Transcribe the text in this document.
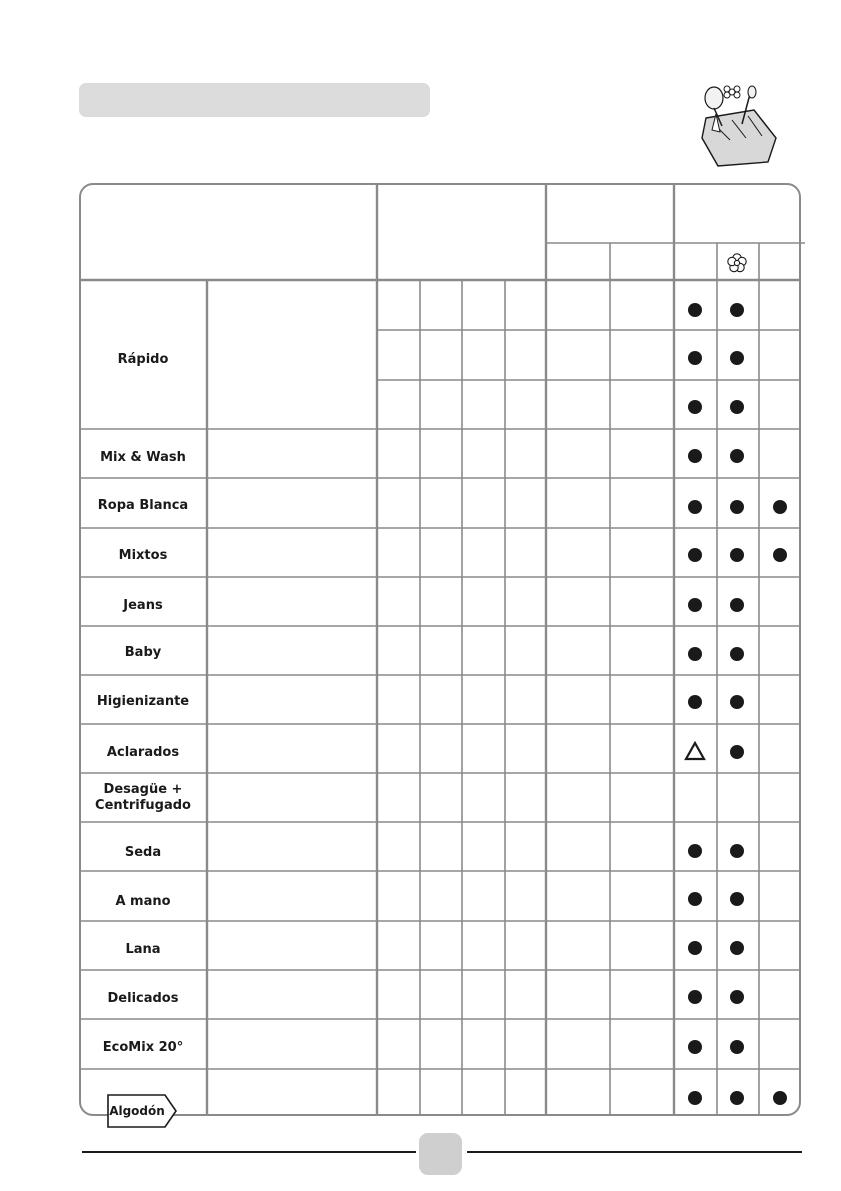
Rápido
Mix & Wash
Ropa Blanca
Mixtos
Jeans
Baby
Higienizante
Aclarados
Desagüe +
Centrifugado
Seda
A mano
Lana
Delicados
EcoMix 20°
Algodón
